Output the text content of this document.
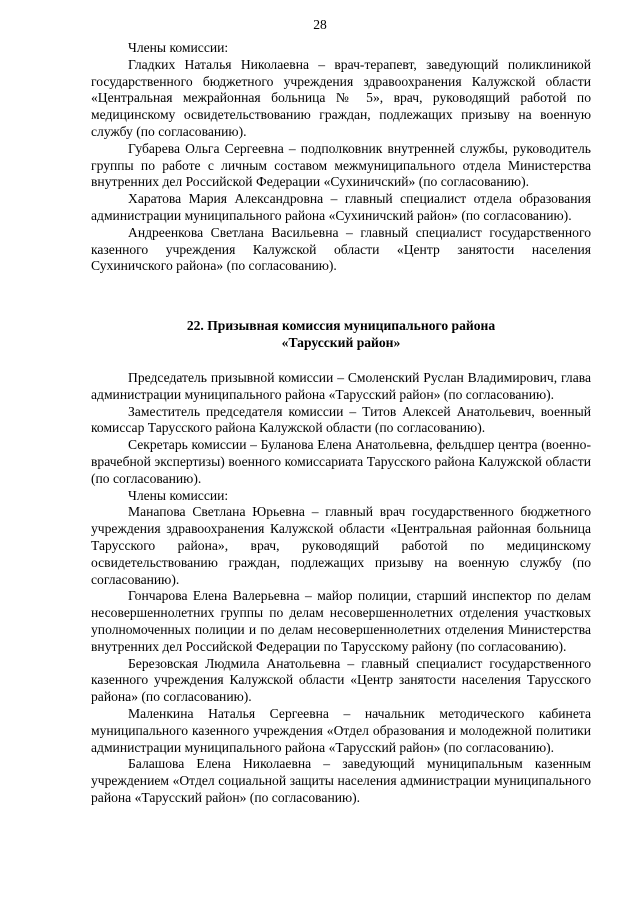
28

Члены комиссии:

Гладких Наталья Николаевна – врач-терапевт, заведующий поликлиникой государственного бюджетного учреждения здравоохранения Калужской области «Центральная межрайонная больница № 5», врач, руководящий работой по медицинскому освидетельствованию граждан, подлежащих призыву на военную службу (по согласованию).

Губарева Ольга Сергеевна – подполковник внутренней службы, руководитель группы по работе с личным составом межмуниципального отдела Министерства внутренних дел Российской Федерации «Сухиничский» (по согласованию).

Харатова Мария Александровна – главный специалист отдела образования администрации муниципального района «Сухиничский район» (по согласованию).

Андреенкова Светлана Васильевна – главный специалист государственного казенного учреждения Калужской области «Центр занятости населения Сухиничского района» (по согласованию).

22. Призывная комиссия муниципального района
«Тарусский район»

Председатель призывной комиссии – Смоленский Руслан Владимирович, глава администрации муниципального района «Тарусский район» (по согласованию).

Заместитель председателя комиссии – Титов Алексей Анатольевич, военный комиссар Тарусского района Калужской области (по согласованию).

Секретарь комиссии – Буланова Елена Анатольевна, фельдшер центра (военно-врачебной экспертизы) военного комиссариата Тарусского района Калужской области (по согласованию).

Члены комиссии:

Манапова Светлана Юрьевна – главный врач государственного бюджетного учреждения здравоохранения Калужской области «Центральная районная больница Тарусского района», врач, руководящий работой по медицинскому освидетельствованию граждан, подлежащих призыву на военную службу (по согласованию).

Гончарова Елена Валерьевна – майор полиции, старший инспектор по делам несовершеннолетних группы по делам несовершеннолетних отделения участковых уполномоченных полиции и по делам несовершеннолетних отделения Министерства внутренних дел Российской Федерации по Тарусскому району (по согласованию).

Березовская Людмила Анатольевна – главный специалист государственного казенного учреждения Калужской области «Центр занятости населения Тарусского района» (по согласованию).

Маленкина Наталья Сергеевна – начальник методического кабинета муниципального казенного учреждения «Отдел образования и молодежной политики администрации муниципального района «Тарусский район» (по согласованию).

Балашова Елена Николаевна – заведующий муниципальным казенным учреждением «Отдел социальной защиты населения администрации муниципального района «Тарусский район» (по согласованию).
